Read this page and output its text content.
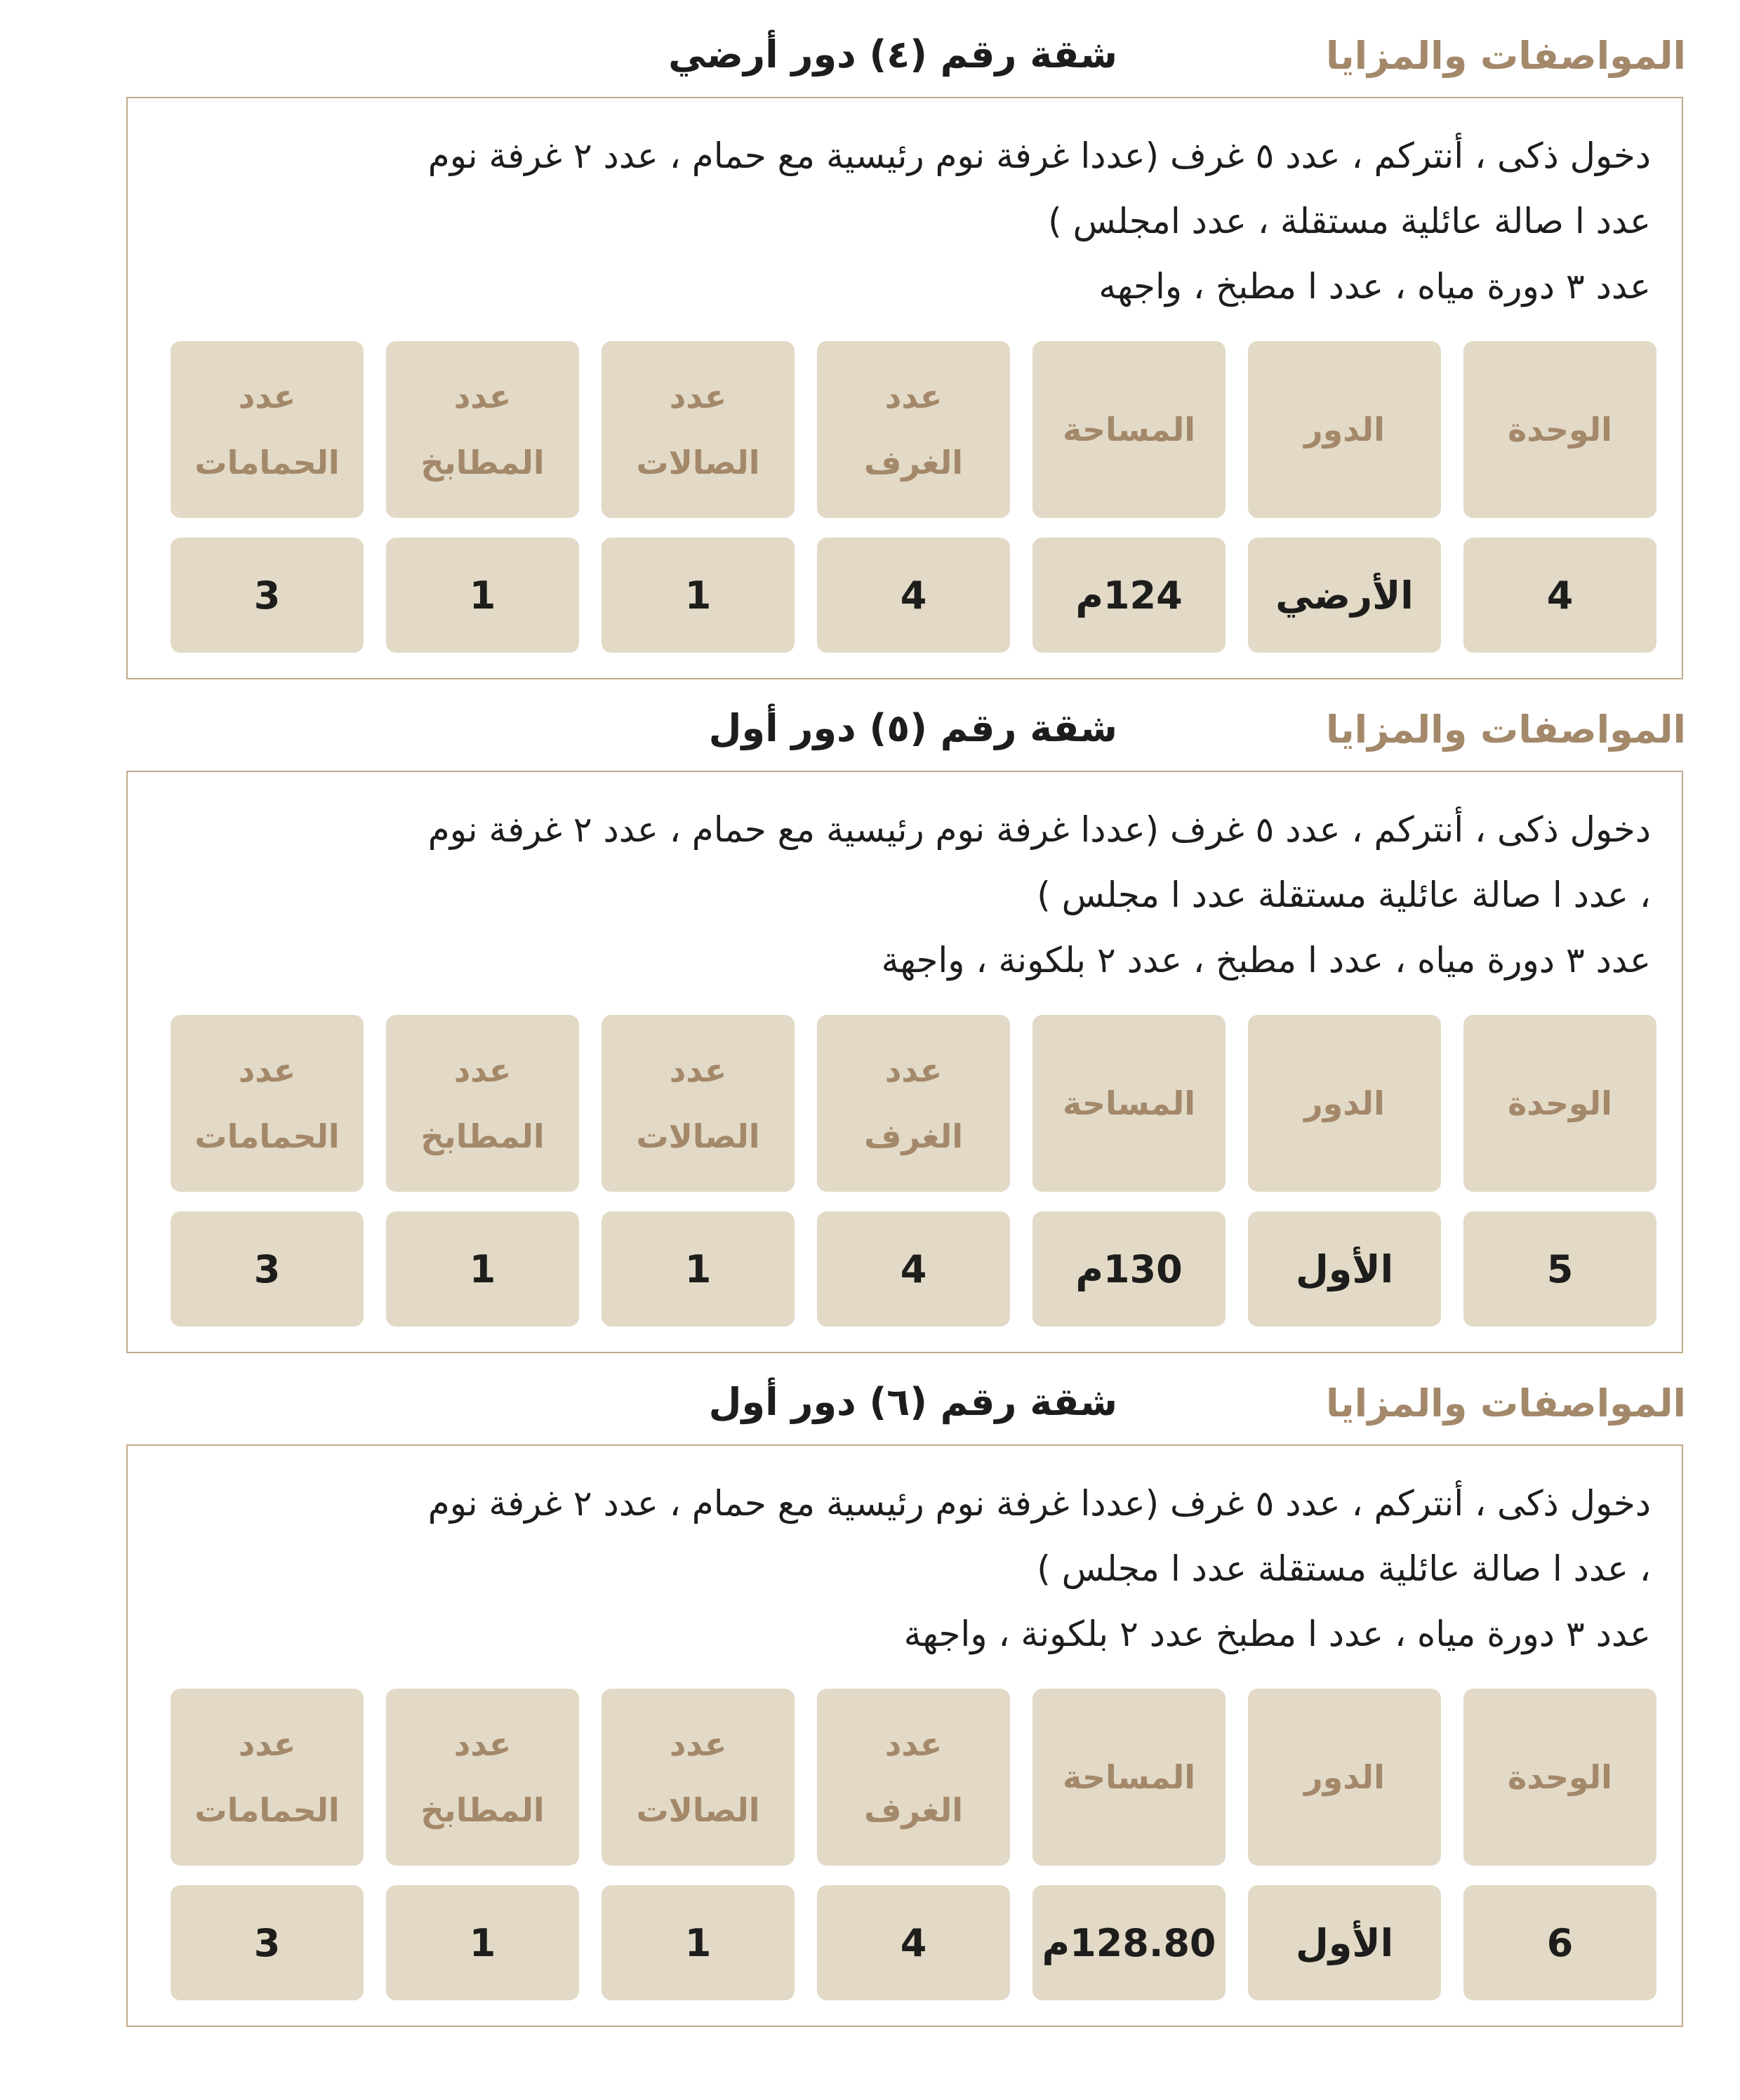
المواصفات والمزايا
شقة رقم (٤) دور أرضي
دخول ذكى ، أنتركم ، عدد ٥ غرف (عددا غرفة نوم رئيسية مع حمام ، عدد ٢ غرفة نوم
عدد ا صالة عائلية مستقلة ، عدد امجلس )
عدد ٣ دورة مياه ، عدد ا مطبخ ، واجهه
الوحدة
الدور
المساحة
عدد
الغرف
عدد
الصالات
عدد
المطابخ
عدد
الحمامات
4
الأرضي
124م
4
1
1
3
المواصفات والمزايا
شقة رقم (٥) دور أول
دخول ذكى ، أنتركم ، عدد ٥ غرف (عددا غرفة نوم رئيسية مع حمام ، عدد ٢ غرفة نوم
، عدد ا صالة عائلية مستقلة عدد ا مجلس )
عدد ٣ دورة مياه ، عدد ا مطبخ ، عدد ٢ بلكونة ، واجهة
الوحدة
الدور
المساحة
عدد
الغرف
عدد
الصالات
عدد
المطابخ
عدد
الحمامات
5
الأول
130م
4
1
1
3
المواصفات والمزايا
شقة رقم (٦) دور أول
دخول ذكى ، أنتركم ، عدد ٥ غرف (عددا غرفة نوم رئيسية مع حمام ، عدد ٢ غرفة نوم
، عدد ا صالة عائلية مستقلة عدد ا مجلس )
عدد ٣ دورة مياه ، عدد ا مطبخ عدد ٢ بلكونة ، واجهة
الوحدة
الدور
المساحة
عدد
الغرف
عدد
الصالات
عدد
المطابخ
عدد
الحمامات
6
الأول
128.80م
4
1
1
3
